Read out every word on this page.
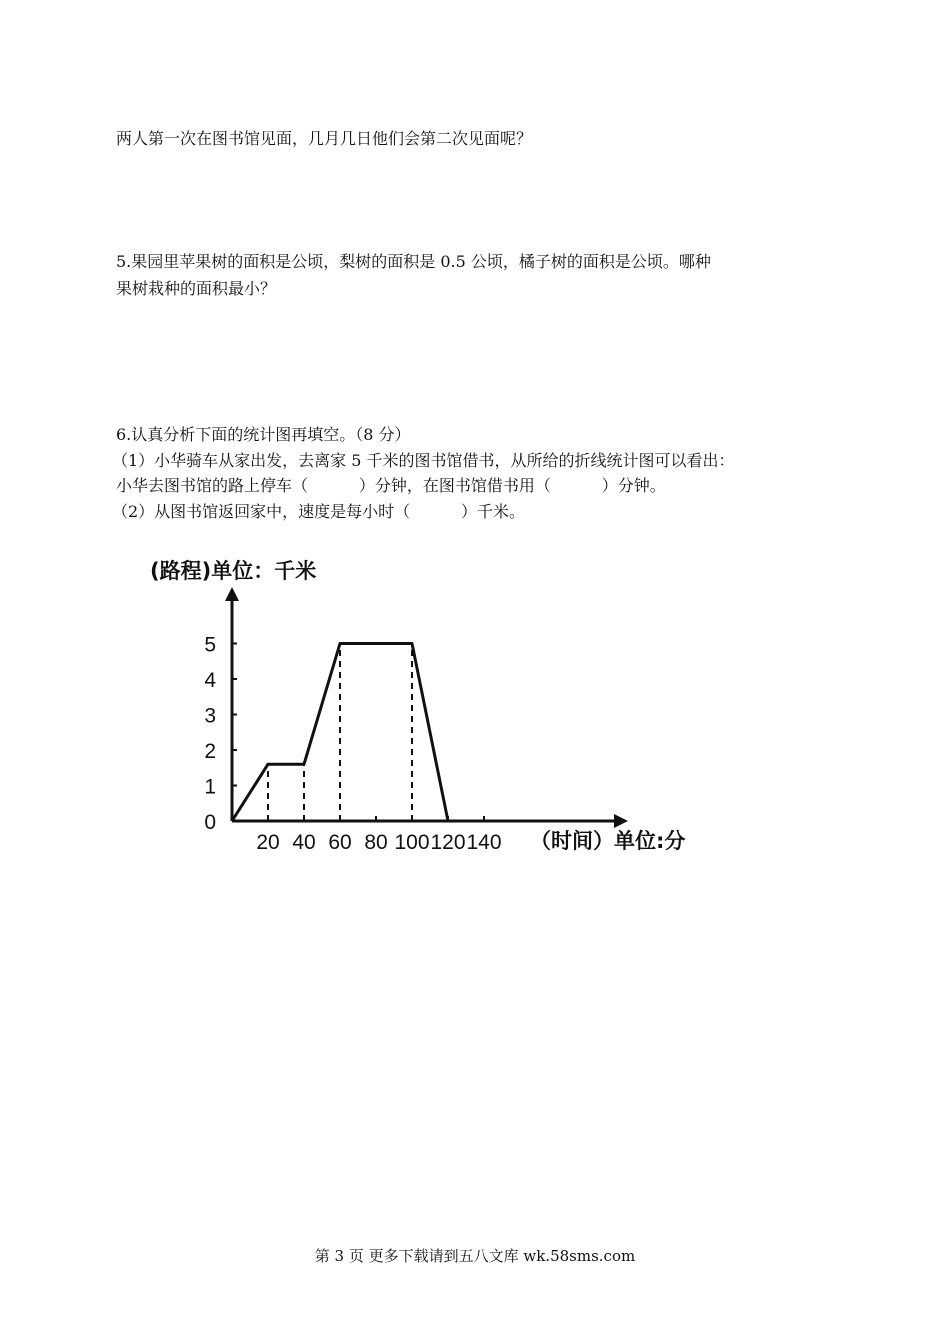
两人第一次在图书馆见面，几月几日他们会第二次见面呢？
5.果园里苹果树的面积是公顷，梨树的面积是 0.5 公顷，橘子树的面积是公顷。哪种
果树栽种的面积最小？
6.认真分析下面的统计图再填空。（8 分）
（1）小华骑车从家出发，去离家 5 千米的图书馆借书，从所给的折线统计图可以看出：
小华去图书馆的路上停车（          ）分钟，在图书馆借书用（          ）分钟。
（2）从图书馆返回家中，速度是每小时（          ）千米。
(路程)单位：千米
（时间）单位:分
20 40 60 80 100 120 140
0
1
2
3
4
5
第 3 页 更多下载请到五八文库 wk.58sms.com
